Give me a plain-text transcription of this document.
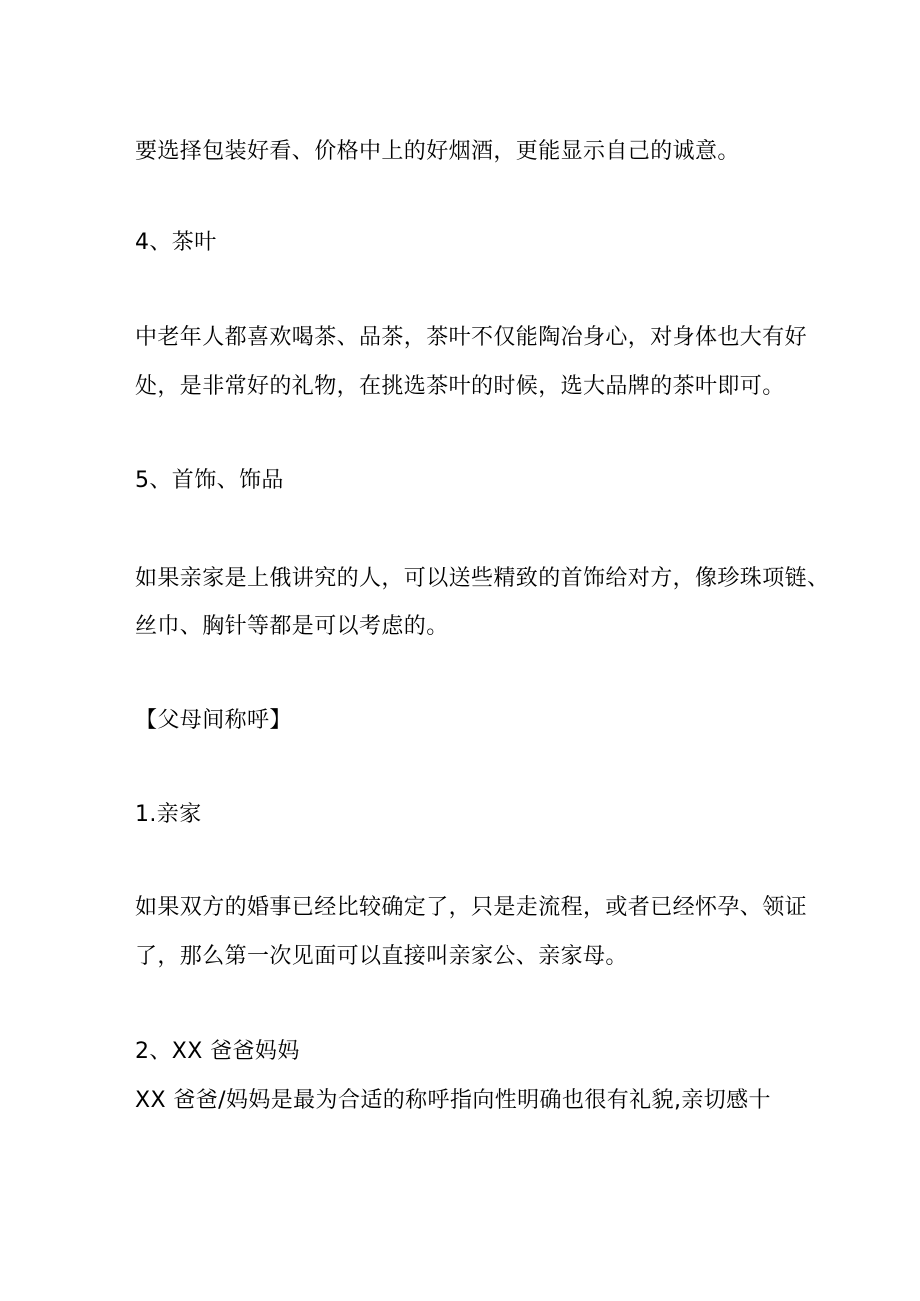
要选择包装好看、价格中上的好烟酒，更能显示自己的诚意。
4、茶叶
中老年人都喜欢喝茶、品茶，茶叶不仅能陶冶身心，对身体也大有好
处，是非常好的礼物，在挑选茶叶的时候，选大品牌的茶叶即可。
5、首饰、饰品
如果亲家是上俄讲究的人，可以送些精致的首饰给对方，像珍珠项链、
丝巾、胸针等都是可以考虑的。
【父母间称呼】
1.亲家
如果双方的婚事已经比较确定了，只是走流程，或者已经怀孕、领证
了，那么第一次见面可以直接叫亲家公、亲家母。
2、XX 爸爸妈妈
XX 爸爸/妈妈是最为合适的称呼指向性明确也很有礼貌,亲切感十
